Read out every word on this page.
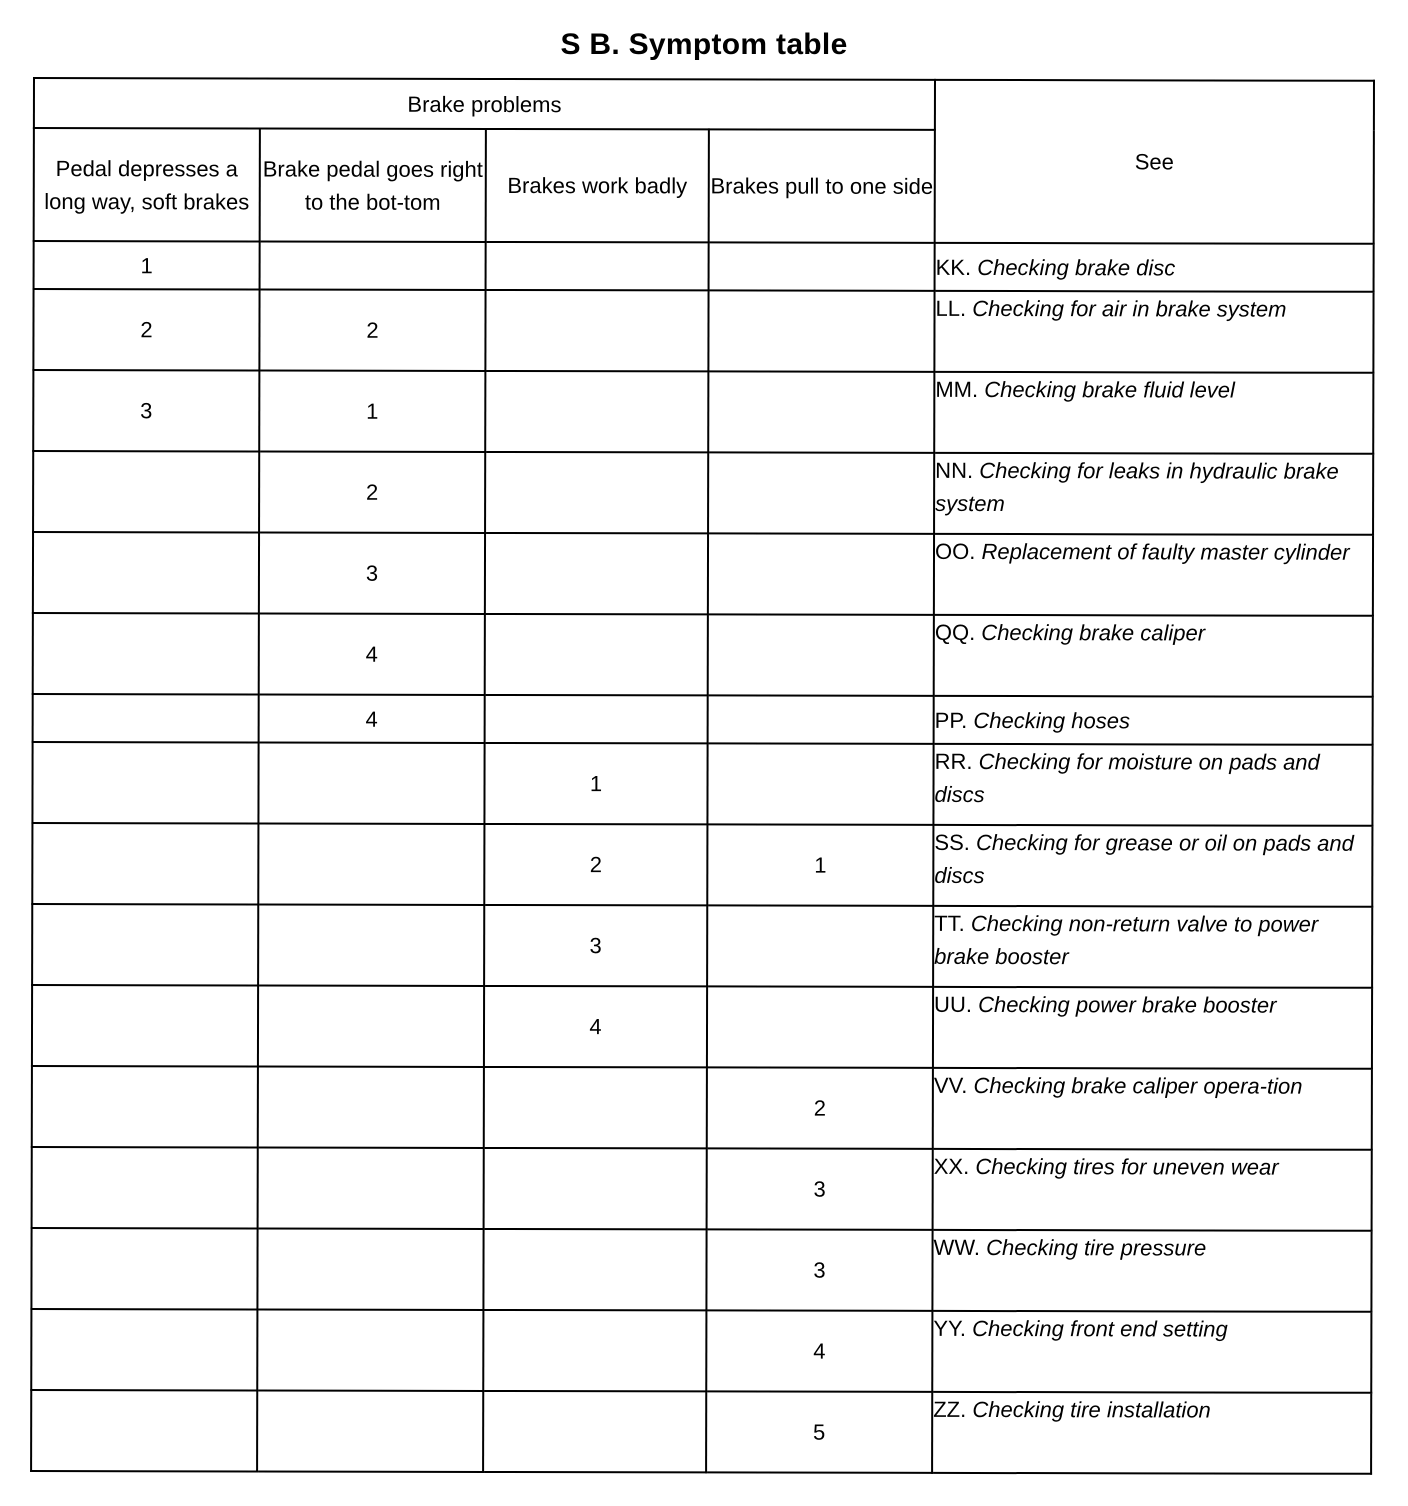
S B. Symptom table
Brake problems				See
Pedal depresses a long way, soft brakes	Brake pedal goes right to the bot-tom	Brakes work badly	Brakes pull to one side	
1				KK. Checking brake disc
2	2			LL. Checking for air in brake system
3	1			MM. Checking brake fluid level
	2			NN. Checking for leaks in hydraulic brake system
	3			OO. Replacement of faulty master cylinder
	4			QQ. Checking brake caliper
	4			PP. Checking hoses
		1		RR. Checking for moisture on pads and discs
		2	1	SS. Checking for grease or oil on pads and discs
		3		TT. Checking non-return valve to power brake booster
		4		UU. Checking power brake booster
			2	VV. Checking brake caliper opera-tion
			3	XX. Checking tires for uneven wear
			3	WW. Checking tire pressure
			4	YY. Checking front end setting
			5	ZZ. Checking tire installation
